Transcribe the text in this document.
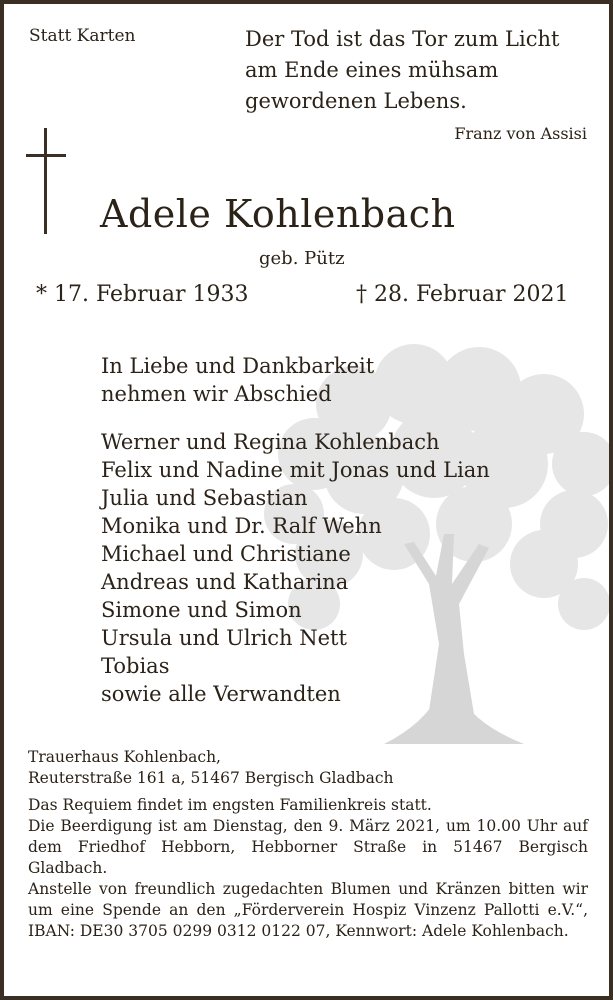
Statt Karten	Der Tod ist das Tor zum Licht
am Ende eines mühsam
gewordenen Lebens.
Franz von Assisi
Adele Kohlenbach
geb. Pütz
* 17. Februar 1933	† 28. Februar 2021
In Liebe und Dankbarkeit
nehmen wir Abschied
Werner und Regina Kohlenbach
Felix und Nadine mit Jonas und Lian
Julia und Sebastian
Monika und Dr. Ralf Wehn
Michael und Christiane
Andreas und Katharina
Simone und Simon
Ursula und Ulrich Nett
Tobias
sowie alle Verwandten
Trauerhaus Kohlenbach,
Reuterstraße 161 a, 51467 Bergisch Gladbach
Das Requiem findet im engsten Familienkreis statt.
Die Beerdigung ist am Dienstag, den 9. März 2021, um 10.00 Uhr auf dem Friedhof Hebborn, Hebborner Straße in 51467 Bergisch Gladbach.
Anstelle von freundlich zugedachten Blumen und Kränzen bitten wir um eine Spende an den „Förderverein Hospiz Vinzenz Pallotti e.V.“, IBAN: DE30 3705 0299 0312 0122 07, Kennwort: Adele Kohlenbach.
